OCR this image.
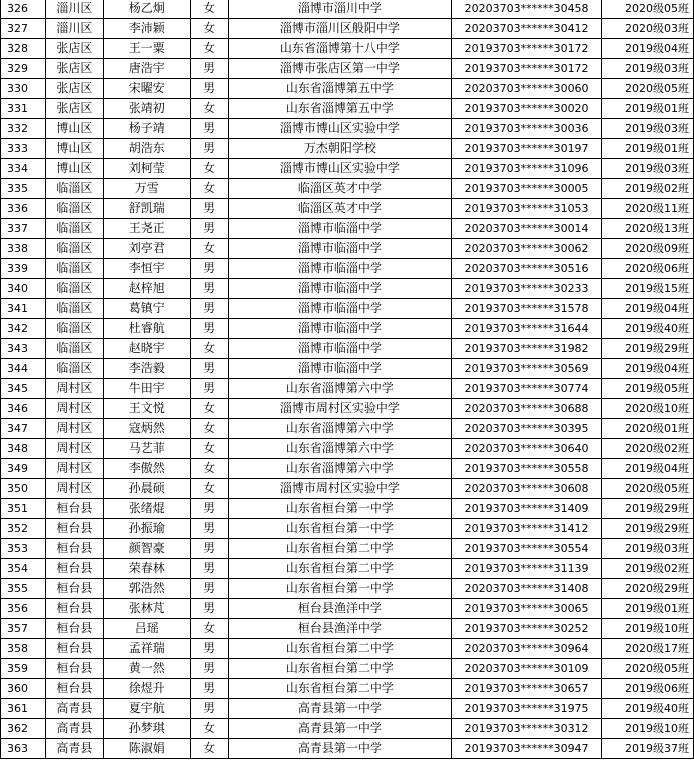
326	淄川区	杨乙炯	女	淄博市淄川中学	20203703******30458	2020级05班
327	淄川区	李沛颖	女	淄博市淄川区般阳中学	20203703******30412	2020级03班
328	张店区	王一粟	女	山东省淄博第十八中学	20193703******30172	2019级04班
329	张店区	唐浩宇	男	淄博市张店区第一中学	20193703******30172	2019级03班
330	张店区	宋曜安	男	山东省淄博第五中学	20203703******30060	2020级05班
331	张店区	张靖初	女	山东省淄博第五中学	20193703******30020	2019级01班
332	博山区	杨子靖	男	淄博市博山区实验中学	20193703******30036	2019级03班
333	博山区	胡浩东	男	万杰朝阳学校	20193703******30197	2019级01班
334	博山区	刘柯莹	女	淄博市博山区实验中学	20193703******31096	2019级03班
335	临淄区	万雪	女	临淄区英才中学	20193703******30005	2019级02班
336	临淄区	舒凯瑞	男	临淄区英才中学	20193703******31053	2020级11班
337	临淄区	王尧正	男	淄博市临淄中学	20203703******30014	2020级13班
338	临淄区	刘亭君	女	淄博市临淄中学	20203703******30062	2020级09班
339	临淄区	李恒宇	男	淄博市临淄中学	20203703******30516	2020级06班
340	临淄区	赵梓旭	男	淄博市临淄中学	20193703******30233	2019级15班
341	临淄区	葛镇宁	男	淄博市临淄中学	20193703******31578	2019级04班
342	临淄区	杜睿航	男	淄博市临淄中学	20193703******31644	2019级40班
343	临淄区	赵晓宇	女	淄博市临淄中学	20193703******31982	2019级29班
344	临淄区	李浩毅	男	淄博市临淄中学	20193703******30569	2019级04班
345	周村区	牛田宇	男	山东省淄博第六中学	20193703******30774	2019级05班
346	周村区	王文悦	女	淄博市周村区实验中学	20203703******30688	2020级10班
347	周村区	寇炳然	女	山东省淄博第六中学	20203703******30395	2020级01班
348	周村区	马艺菲	女	山东省淄博第六中学	20203703******30640	2020级02班
349	周村区	李傲然	女	山东省淄博第六中学	20193703******30558	2019级04班
350	周村区	孙晨硕	女	淄博市周村区实验中学	20203703******30608	2020级05班
351	桓台县	张绪焜	男	山东省桓台第一中学	20193703******31409	2019级29班
352	桓台县	孙振瑜	男	山东省桓台第一中学	20193703******31412	2019级29班
353	桓台县	颜智豪	男	山东省桓台第二中学	20193703******30554	2019级03班
354	桓台县	荣春林	男	山东省桓台第二中学	20193703******31139	2019级02班
355	桓台县	郭浩然	男	山东省桓台第一中学	20203703******31408	2020级29班
356	桓台县	张林芃	男	桓台县渔洋中学	20193703******30065	2019级01班
357	桓台县	吕瑶	女	桓台县渔洋中学	20193703******30252	2019级10班
358	桓台县	孟祥瑞	男	山东省桓台第二中学	20203703******30964	2020级17班
359	桓台县	黄一然	男	山东省桓台第二中学	20203703******30109	2020级05班
360	桓台县	徐煜升	男	山东省桓台第二中学	20193703******30657	2019级06班
361	高青县	夏宇航	男	高青县第一中学	20193703******31975	2019级40班
362	高青县	孙梦琪	女	高青县第一中学	20193703******30312	2019级10班
363	高青县	陈淑娟	女	高青县第一中学	20193703******30947	2019级37班
